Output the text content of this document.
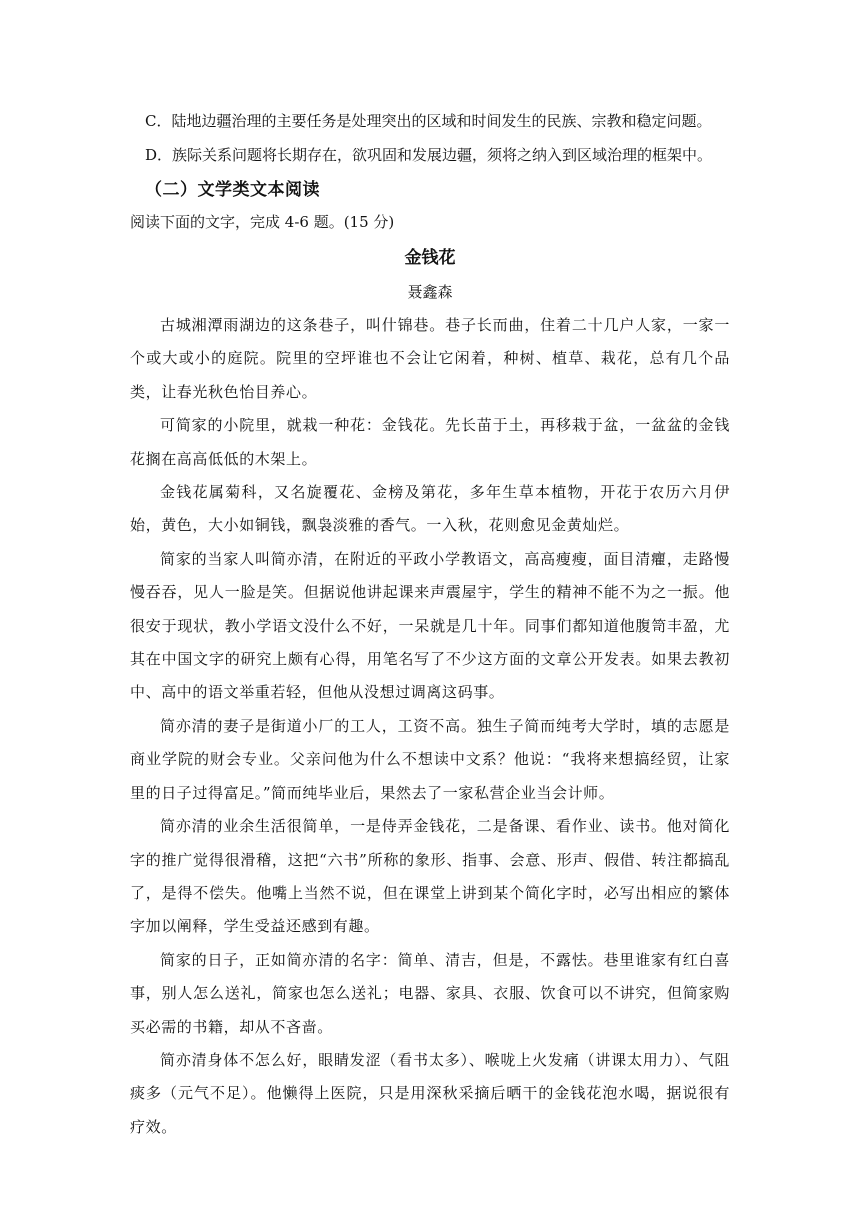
C．陆地边疆治理的主要任务是处理突出的区域和时间发生的民族、宗教和稳定问题。
D．族际关系问题将长期存在，欲巩固和发展边疆，须将之纳入到区域治理的框架中。
（二）文学类文本阅读
阅读下面的文字，完成 4-6 题。(15 分)
金钱花
聂鑫森

古城湘潭雨湖边的这条巷子，叫什锦巷。巷子长而曲，住着二十几户人家，一家一个或大或小的庭院。院里的空坪谁也不会让它闲着，种树、植草、栽花，总有几个品类，让春光秋色怡目养心。

可简家的小院里，就栽一种花：金钱花。先长苗于土，再移栽于盆，一盆盆的金钱花搁在高高低低的木架上。

金钱花属菊科，又名旋覆花、金榜及第花，多年生草本植物，开花于农历六月伊始，黄色，大小如铜钱，飘袅淡雅的香气。一入秋，花则愈见金黄灿烂。

简家的当家人叫简亦清，在附近的平政小学教语文，高高瘦瘦，面目清癯，走路慢慢吞吞，见人一脸是笑。但据说他讲起课来声震屋宇，学生的精神不能不为之一振。他很安于现状，教小学语文没什么不好，一呆就是几十年。同事们都知道他腹笥丰盈，尤其在中国文字的研究上颇有心得，用笔名写了不少这方面的文章公开发表。如果去教初中、高中的语文举重若轻，但他从没想过调离这码事。

简亦清的妻子是街道小厂的工人，工资不高。独生子简而纯考大学时，填的志愿是商业学院的财会专业。父亲问他为什么不想读中文系？他说：“我将来想搞经贸，让家里的日子过得富足。”简而纯毕业后，果然去了一家私营企业当会计师。

简亦清的业余生活很简单，一是侍弄金钱花，二是备课、看作业、读书。他对简化字的推广觉得很滑稽，这把“六书”所称的象形、指事、会意、形声、假借、转注都搞乱了，是得不偿失。他嘴上当然不说，但在课堂上讲到某个简化字时，必写出相应的繁体字加以阐释，学生受益还感到有趣。

简家的日子，正如简亦清的名字：简单、清吉，但是，不露怯。巷里谁家有红白喜事，别人怎么送礼，简家也怎么送礼；电器、家具、衣服、饮食可以不讲究，但简家购买必需的书籍，却从不吝啬。

简亦清身体不怎么好，眼睛发涩（看书太多）、喉咙上火发痛（讲课太用力）、气阻痰多（元气不足）。他懒得上医院，只是用深秋采摘后晒干的金钱花泡水喝，据说很有疗效。
